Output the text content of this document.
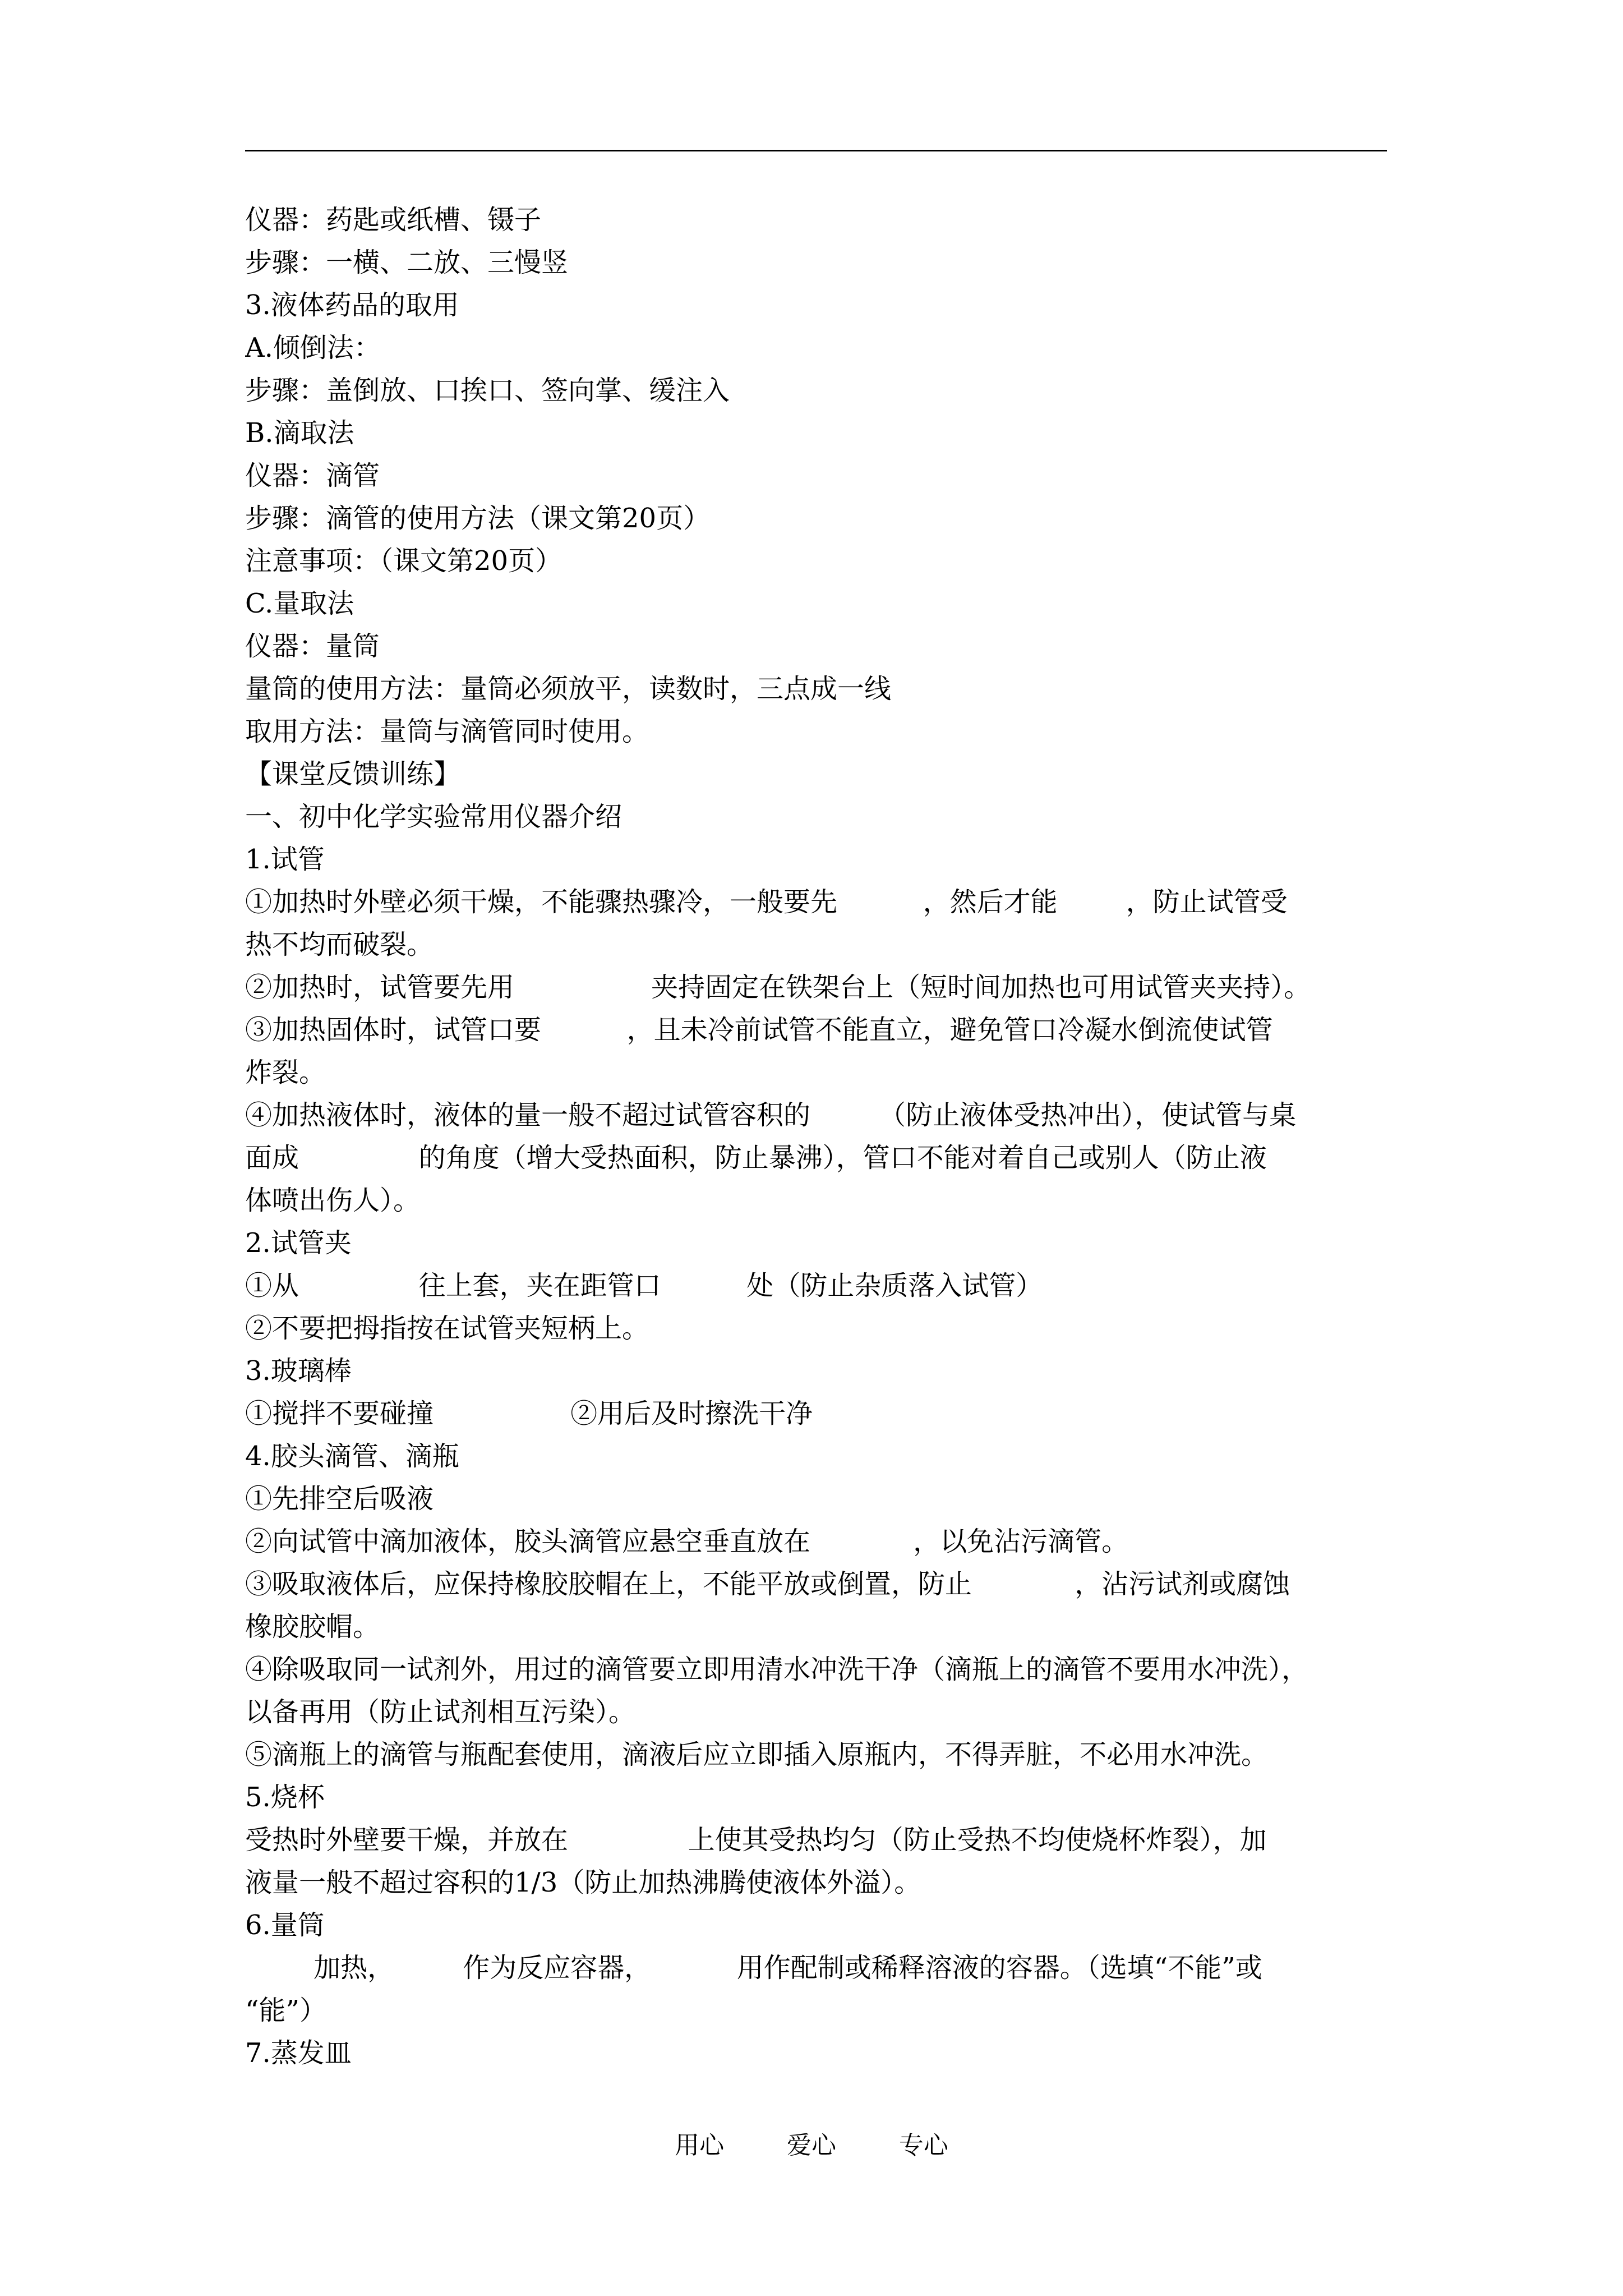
仪器：药匙或纸槽、镊子
步骤：一横、二放、三慢竖
3.液体药品的取用
A.倾倒法：
步骤：盖倒放、口挨口、签向掌、缓注入
B.滴取法
仪器：滴管
步骤：滴管的使用方法（课文第20页）
注意事项：（课文第20页）
C.量取法
仪器：量筒
量筒的使用方法：量筒必须放平，读数时，三点成一线
取用方法：量筒与滴管同时使用。
【课堂反馈训练】
一、初中化学实验常用仪器介绍
1.试管
①加热时外壁必须干燥，不能骤热骤冷，一般要先          ，然后才能        ，防止试管受
热不均而破裂。
②加热时，试管要先用                夹持固定在铁架台上（短时间加热也可用试管夹夹持）。
③加热固体时，试管口要          ，且未冷前试管不能直立，避免管口冷凝水倒流使试管
炸裂。
④加热液体时，液体的量一般不超过试管容积的        （防止液体受热冲出），使试管与桌
面成              的角度（增大受热面积，防止暴沸），管口不能对着自己或别人（防止液
体喷出伤人）。
2.试管夹
①从              往上套，夹在距管口          处（防止杂质落入试管）
②不要把拇指按在试管夹短柄上。
3.玻璃棒
①搅拌不要碰撞                ②用后及时擦洗干净
4.胶头滴管、滴瓶
①先排空后吸液
②向试管中滴加液体，胶头滴管应悬空垂直放在            ，以免沾污滴管。
③吸取液体后，应保持橡胶胶帽在上，不能平放或倒置，防止            ，沾污试剂或腐蚀
橡胶胶帽。
④除吸取同一试剂外，用过的滴管要立即用清水冲洗干净（滴瓶上的滴管不要用水冲洗），
以备再用（防止试剂相互污染）。
⑤滴瓶上的滴管与瓶配套使用，滴液后应立即插入原瓶内，不得弄脏，不必用水冲洗。
5.烧杯
受热时外壁要干燥，并放在              上使其受热均匀（防止受热不均使烧杯炸裂），加
液量一般不超过容积的1/3（防止加热沸腾使液体外溢）。
6.量筒
加热，        作为反应容器，          用作配制或稀释溶液的容器。（选填“不能”或
“能”）
7.蒸发皿
用心        爱心        专心
